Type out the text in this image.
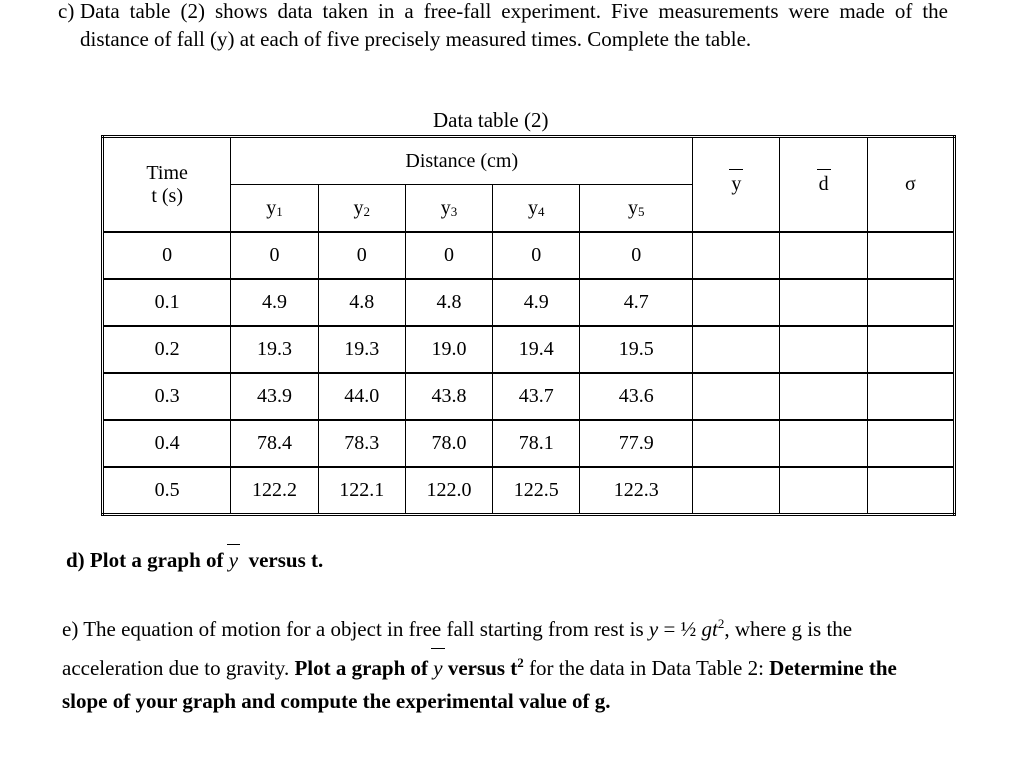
c) Data table (2) shows data taken in a free-fall experiment. Five measurements were made of the distance of fall (y) at each of five precisely measured times. Complete the table.
Data table (2)
Time
t (s)	Distance (cm)					y	d	σ
	y1	y2	y3	y4	y5			
0	0	0	0	0	0			
0.1	4.9	4.8	4.8	4.9	4.7			
0.2	19.3	19.3	19.0	19.4	19.5			
0.3	43.9	44.0	43.8	43.7	43.6			
0.4	78.4	78.3	78.0	78.1	77.9			
0.5	122.2	122.1	122.0	122.5	122.3			
d) Plot a graph of y versus t.
e) The equation of motion for a object in free fall starting from rest is y = ½ $gt^2$, where g is the acceleration due to gravity. Plot a graph of y versus $t^2$ for the data in Data Table 2: Determine the slope of your graph and compute the experimental value of g.
